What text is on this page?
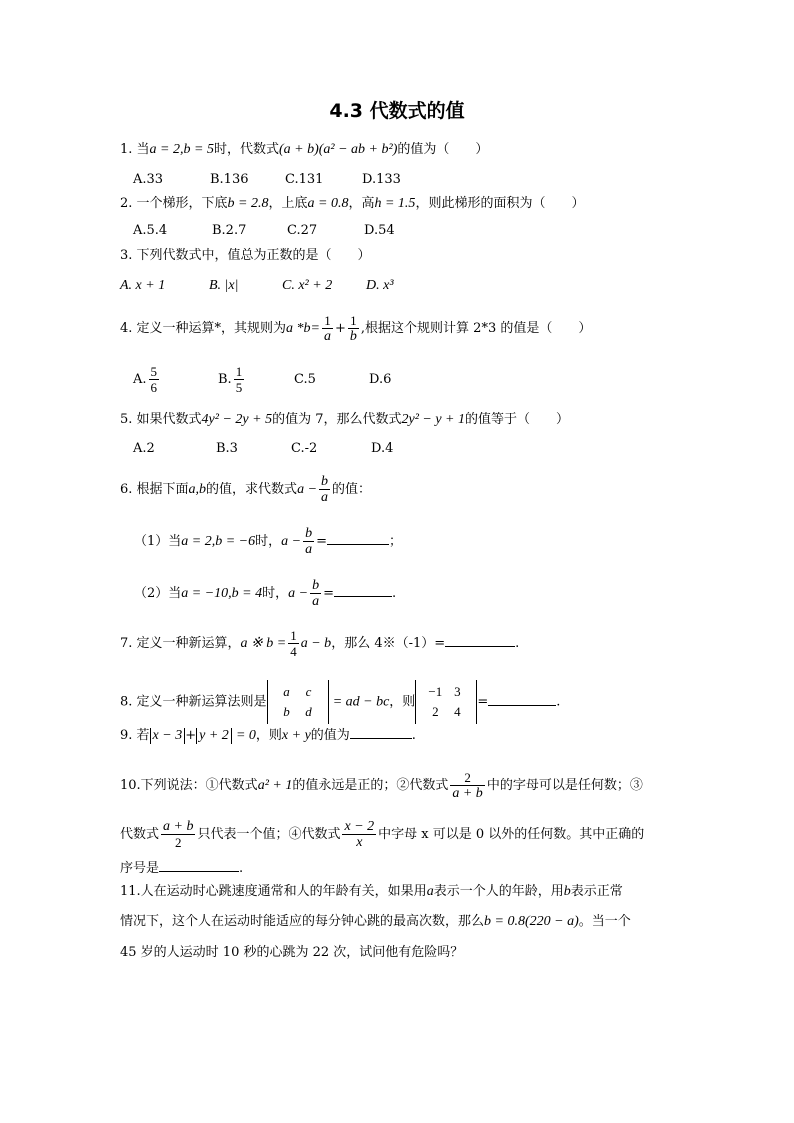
4.3 代数式的值
1. 当a = 2,b = 5时，代数式(a + b)(a² − ab + b²)的值为（　　）
A.33	B.136	C.131	D.133
2. 一个梯形，下底b = 2.8，上底a = 0.8，高h = 1.5，则此梯形的面积为（　　）
A.5.4	B.2.7	C.27	D.54
3. 下列代数式中，值总为正数的是（　　）
A. x + 1	B. |x|	C. x² + 2 D. x³
4. 定义一种运算*，其规则为a $*b= \frac{1}{a} + \frac{1}{b}$ ,根据这个规则计算 2*3 的值是（　　）
A. $\frac{5}{6}$	B. $\frac{1}{5}$	C.5	D.6
5. 如果代数式4y² − 2y + 5的值为 7，那么代数式2y² − y + 1的值等于（　　）
A.2	B.3	C.-2	D.4
6. 根据下面a,b的值，求代数式$a - \frac{b}{a}$ 的值：
（1）当a = 2,b = −6时，$a - \frac{b}{a}$ =	；
（2）当a = −10,b = 4时，$a - \frac{b}{a}$ =	.
7. 定义一种新运算，a ※ $b = \frac{1}{4}$ a − b，那么 4※（-1）=	.
8. 定义一种新运算法则是a c
b d = ad − bc，则−1 3
2 4=	.
9. 若 x − 3 + y + 2 = 0，则x + y的值为	.
10.下列说法：①代数式a² + 1的值永远是正的；②代数式 $\frac{2}{a + b}$ 中的字母可以是任何数；③
代数式 $\frac{a + b}{2}$ 只代表一个值；④代数式 $\frac{x - 2}{x}$ 中字母 x 可以是 0 以外的任何数。其中正确的
序号是	.
11.人在运动时心跳速度通常和人的年龄有关，如果用a表示一个人的年龄，用b表示正常
情况下，这个人在运动时能适应的每分钟心跳的最高次数，那么b = 0.8(220 − a)。当一个
45 岁的人运动时 10 秒的心跳为 22 次，试问他有危险吗？
